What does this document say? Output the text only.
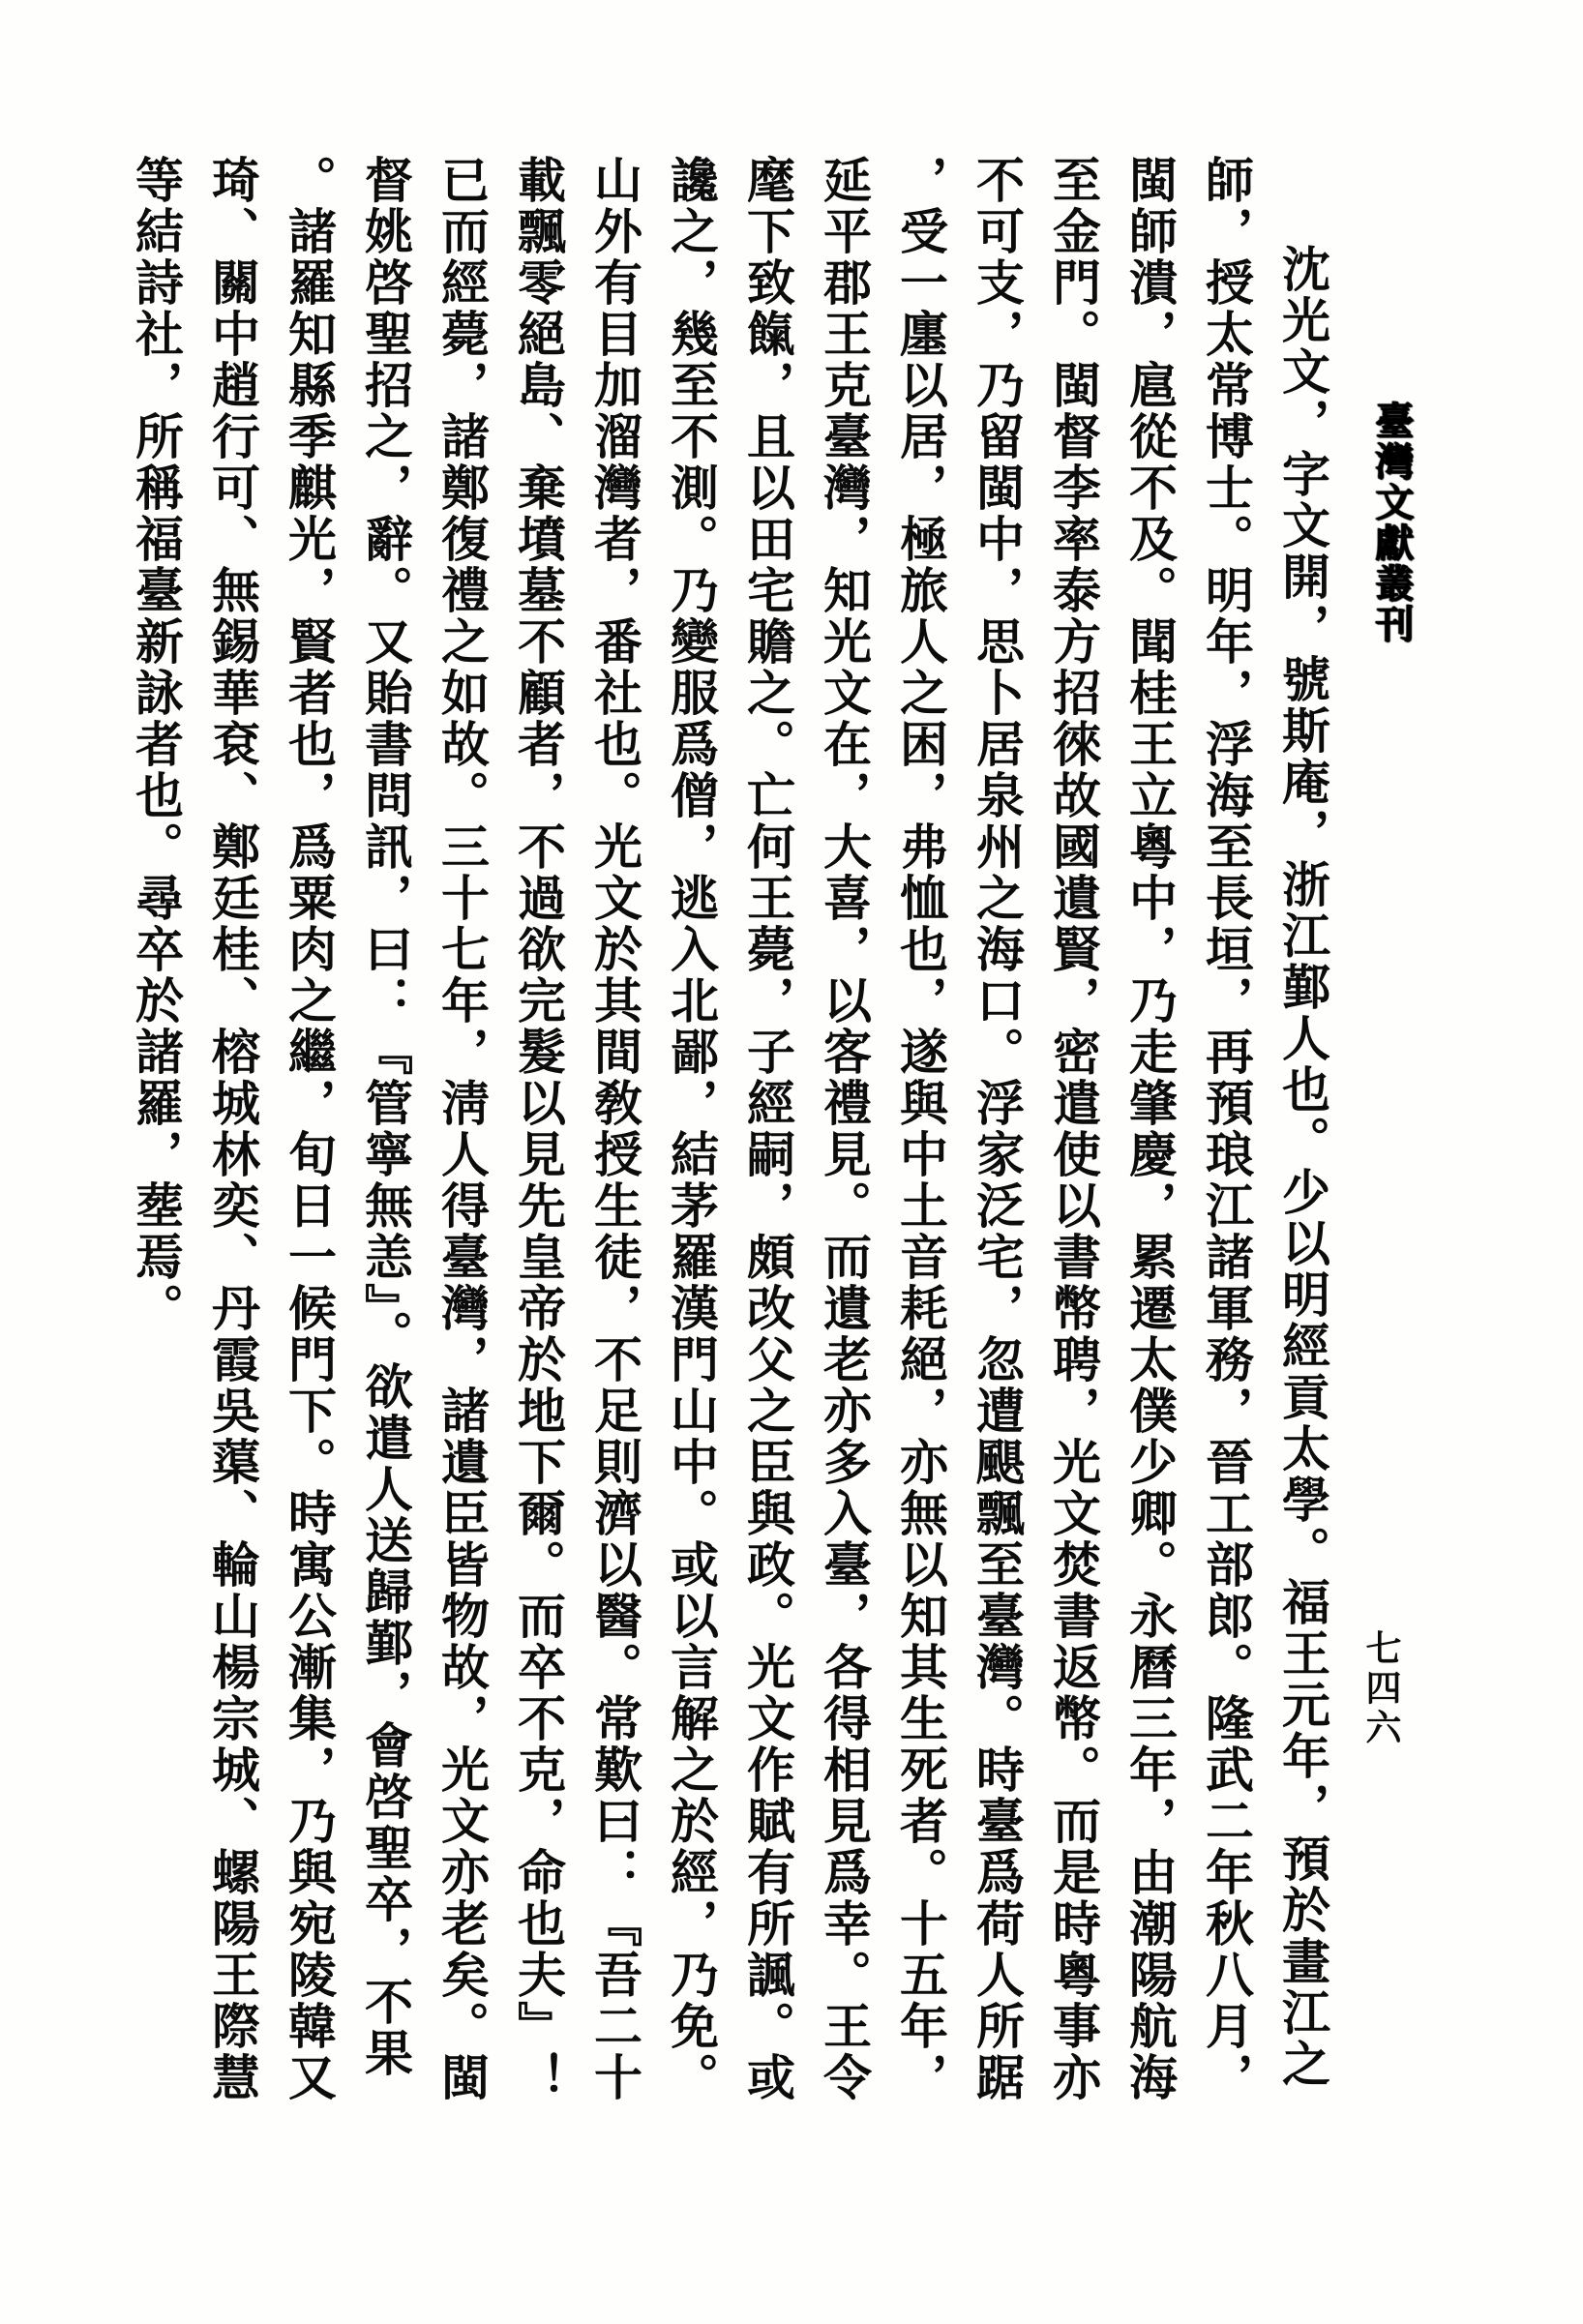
臺灣文獻叢刊
七四六
沈光文，字文開，號斯庵，浙江鄞人也。少以明經貢太學。福王元年，預於畫江之
師，授太常博士。明年，浮海至長垣，再預琅江諸軍務，晉工部郎。隆武二年秋八月，
閩師潰，扈從不及。聞桂王立粵中，乃走肇慶，累遷太僕少卿。永曆三年，由潮陽航海
至金門。閩督李率泰方招徠故國遺賢，密遣使以書幣聘，光文焚書返幣。而是時粵事亦
不可支，乃留閩中，思卜居泉州之海口。浮家泛宅，忽遭颶飄至臺灣。時臺爲荷人所踞
，受一廛以居，極旅人之困，弗恤也，遂與中土音耗絕，亦無以知其生死者。十五年，
延平郡王克臺灣，知光文在，大喜，以客禮見。而遺老亦多入臺，各得相見爲幸。王令
麾下致餼，且以田宅贍之。亡何王薨，子經嗣，頗改父之臣與政。光文作賦有所諷。或
讒之，幾至不測。乃變服爲僧，逃入北鄙，結茅羅漢門山中。或以言解之於經，乃免。
山外有目加溜灣者，番社也。光文於其間敎授生徒，不足則濟以醫。常歎曰：『吾二十
載飄零絕島、棄墳墓不顧者，不過欲完髮以見先皇帝於地下爾。而卒不克，命也夫』！
已而經薨，諸鄭復禮之如故。三十七年，淸人得臺灣，諸遺臣皆物故，光文亦老矣。閩
督姚啓聖招之，辭。又貽書問訊，曰：『管寧無恙』。欲遣人送歸鄞，會啓聖卒，不果
。諸羅知縣季麒光，賢者也，爲粟肉之繼，旬日一候門下。時寓公漸集，乃與宛陵韓又
琦、關中趙行可、無錫華袞、鄭廷桂、榕城林奕、丹霞吳蕖、輪山楊宗城、螺陽王際慧
等結詩社，所稱福臺新詠者也。尋卒於諸羅，塟焉。
